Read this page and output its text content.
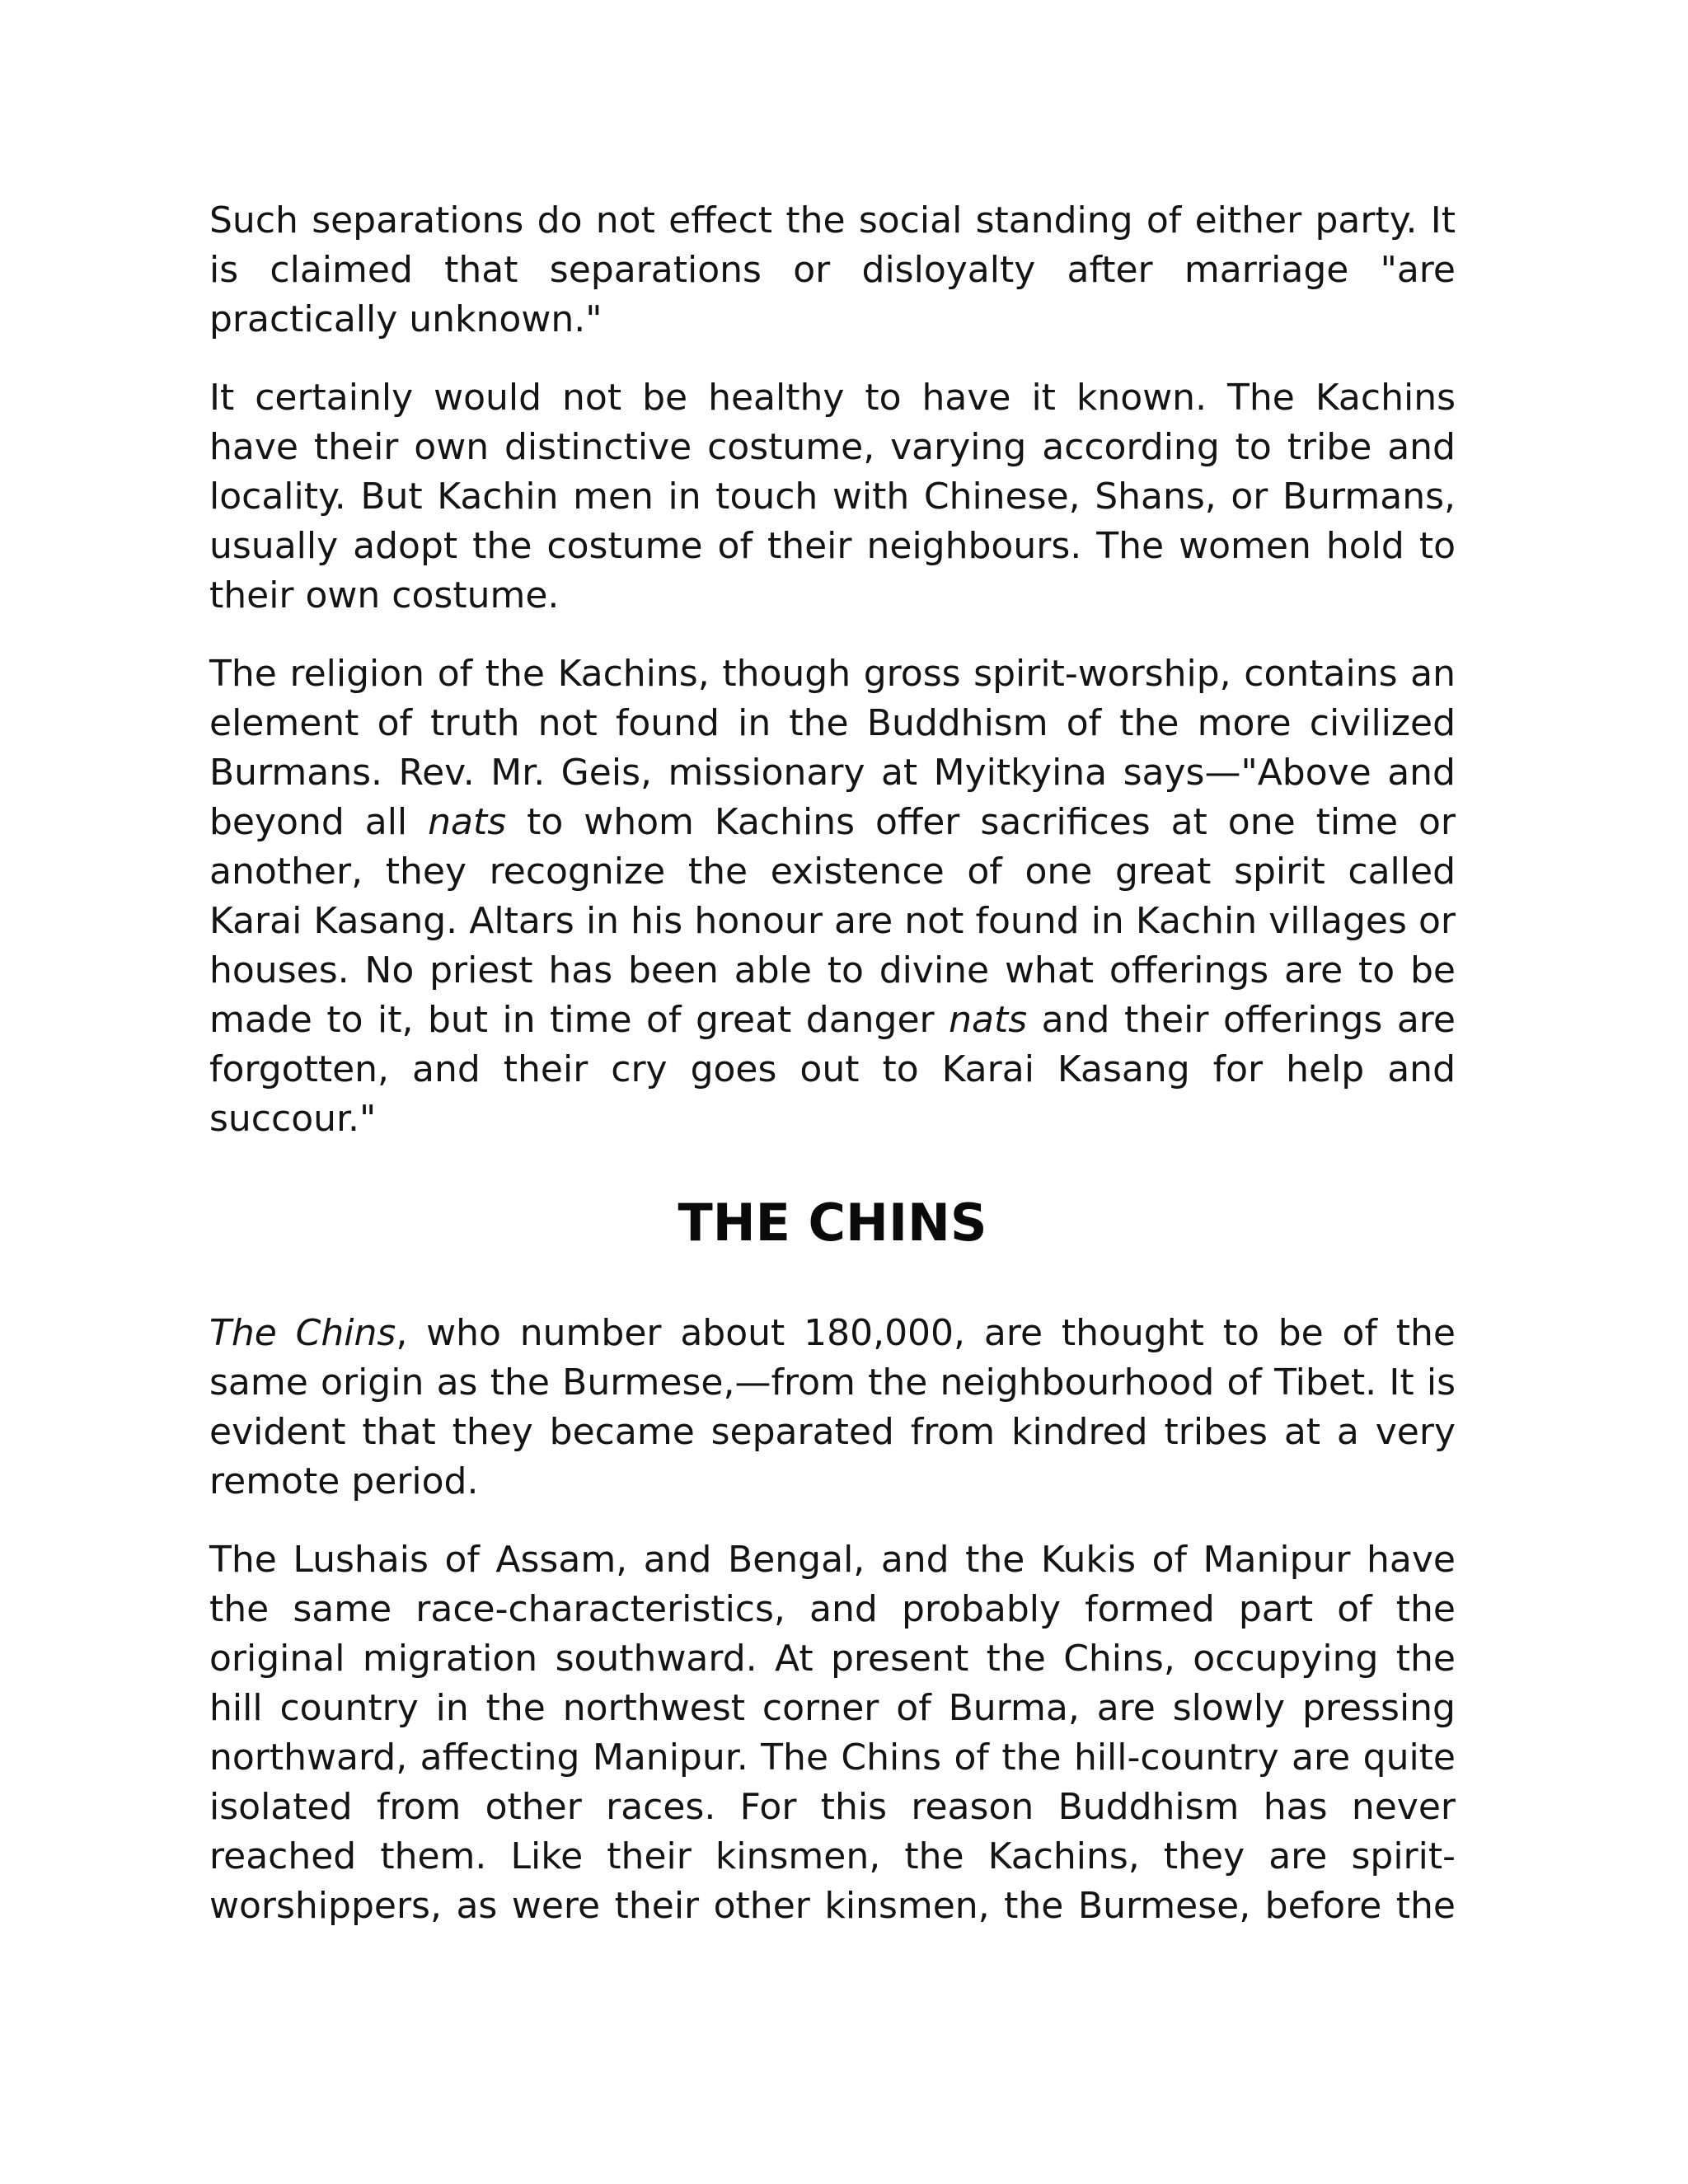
Such separations do not effect the social standing of either party. It is claimed that separations or disloyalty after marriage "are practically unknown."
It certainly would not be healthy to have it known. The Kachins have their own distinctive costume, varying according to tribe and locality. But Kachin men in touch with Chinese, Shans, or Burmans, usually adopt the costume of their neighbours. The women hold to their own costume.
The religion of the Kachins, though gross spirit-worship, contains an element of truth not found in the Buddhism of the more civilized Burmans. Rev. Mr. Geis, missionary at Myitkyina says—"Above and beyond all nats to whom Kachins offer sacrifices at one time or another, they recognize the existence of one great spirit called Karai Kasang. Altars in his honour are not found in Kachin villages or houses. No priest has been able to divine what offerings are to be made to it, but in time of great danger nats and their offerings are forgotten, and their cry goes out to Karai Kasang for help and succour."
THE CHINS
The Chins, who number about 180,000, are thought to be of the same origin as the Burmese,—from the neighbourhood of Tibet. It is evident that they became separated from kindred tribes at a very remote period.
The Lushais of Assam, and Bengal, and the Kukis of Manipur have the same race-characteristics, and probably formed part of the original migration southward. At present the Chins, occupying the hill country in the northwest corner of Burma, are slowly pressing northward, affecting Manipur. The Chins of the hill-country are quite isolated from other races. For this reason Buddhism has never reached them. Like their kinsmen, the Kachins, they are spirit-worshippers, as were their other kinsmen, the Burmese, before the
